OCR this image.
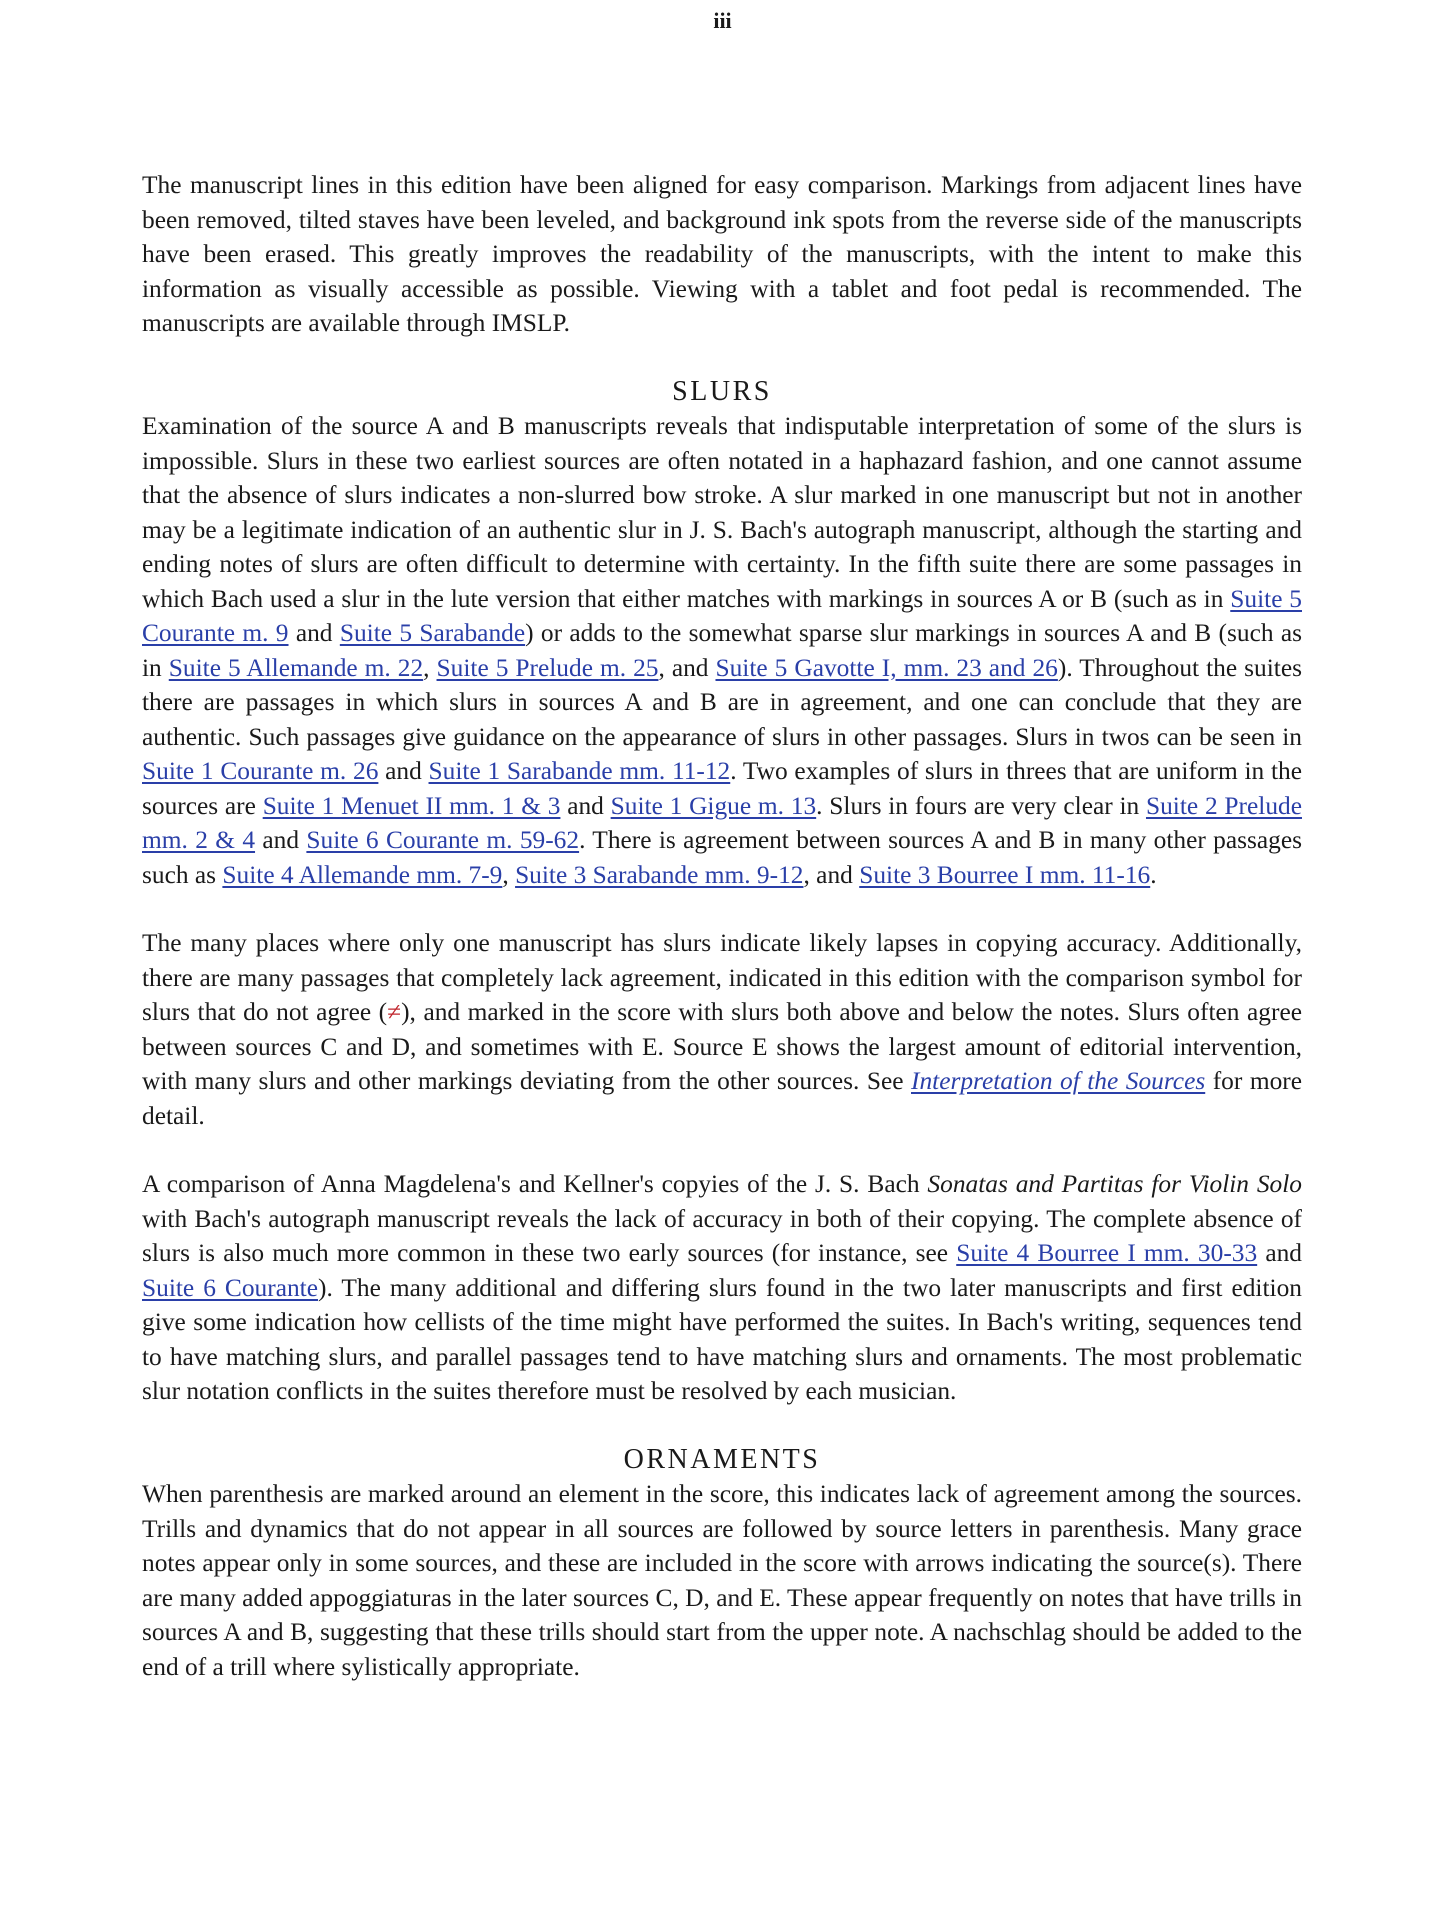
iii

The manuscript lines in this edition have been aligned for easy comparison. Markings from adjacent lines have been removed, tilted staves have been leveled, and background ink spots from the reverse side of the manuscripts have been erased. This greatly improves the readability of the manuscripts, with the intent to make this information as visually accessible as possible. Viewing with a tablet and foot pedal is recommended. The manuscripts are available through IMSLP.

SLURS

Examination of the source A and B manuscripts reveals that indisputable interpretation of some of the slurs is impossible. Slurs in these two earliest sources are often notated in a haphazard fashion, and one cannot assume that the absence of slurs indicates a non-slurred bow stroke. A slur marked in one manuscript but not in another may be a legitimate indication of an authentic slur in J. S. Bach's autograph manuscript, although the starting and ending notes of slurs are often difficult to determine with certainty. In the fifth suite there are some passages in which Bach used a slur in the lute version that either matches with markings in sources A or B (such as in Suite 5 Courante m. 9 and Suite 5 Sarabande) or adds to the somewhat sparse slur markings in sources A and B (such as in Suite 5 Allemande m. 22, Suite 5 Prelude m. 25, and Suite 5 Gavotte I, mm. 23 and 26). Throughout the suites there are passages in which slurs in sources A and B are in agreement, and one can conclude that they are authentic. Such passages give guidance on the appearance of slurs in other passages. Slurs in twos can be seen in Suite 1 Courante m. 26 and Suite 1 Sarabande mm. 11-12. Two examples of slurs in threes that are uniform in the sources are Suite 1 Menuet II mm. 1 & 3 and Suite 1 Gigue m. 13. Slurs in fours are very clear in Suite 2 Prelude mm. 2 & 4 and Suite 6 Courante m. 59-62. There is agreement between sources A and B in many other passages such as Suite 4 Allemande mm. 7-9, Suite 3 Sarabande mm. 9-12, and Suite 3 Bourree I mm. 11-16.

The many places where only one manuscript has slurs indicate likely lapses in copying accuracy. Additionally, there are many passages that completely lack agreement, indicated in this edition with the comparison symbol for slurs that do not agree (≠), and marked in the score with slurs both above and below the notes. Slurs often agree between sources C and D, and sometimes with E. Source E shows the largest amount of editorial intervention, with many slurs and other markings deviating from the other sources. See Interpretation of the Sources for more detail.

A comparison of Anna Magdelena's and Kellner's copyies of the J. S. Bach Sonatas and Partitas for Violin Solo with Bach's autograph manuscript reveals the lack of accuracy in both of their copying. The complete absence of slurs is also much more common in these two early sources (for instance, see Suite 4 Bourree I mm. 30-33 and Suite 6 Courante). The many additional and differing slurs found in the two later manuscripts and first edition give some indication how cellists of the time might have performed the suites. In Bach's writing, sequences tend to have matching slurs, and parallel passages tend to have matching slurs and ornaments. The most problematic slur notation conflicts in the suites therefore must be resolved by each musician.

ORNAMENTS

When parenthesis are marked around an element in the score, this indicates lack of agreement among the sources. Trills and dynamics that do not appear in all sources are followed by source letters in parenthesis. Many grace notes appear only in some sources, and these are included in the score with arrows indicating the source(s). There are many added appoggiaturas in the later sources C, D, and E. These appear frequently on notes that have trills in sources A and B, suggesting that these trills should start from the upper note. A nachschlag should be added to the end of a trill where sylistically appropriate.
